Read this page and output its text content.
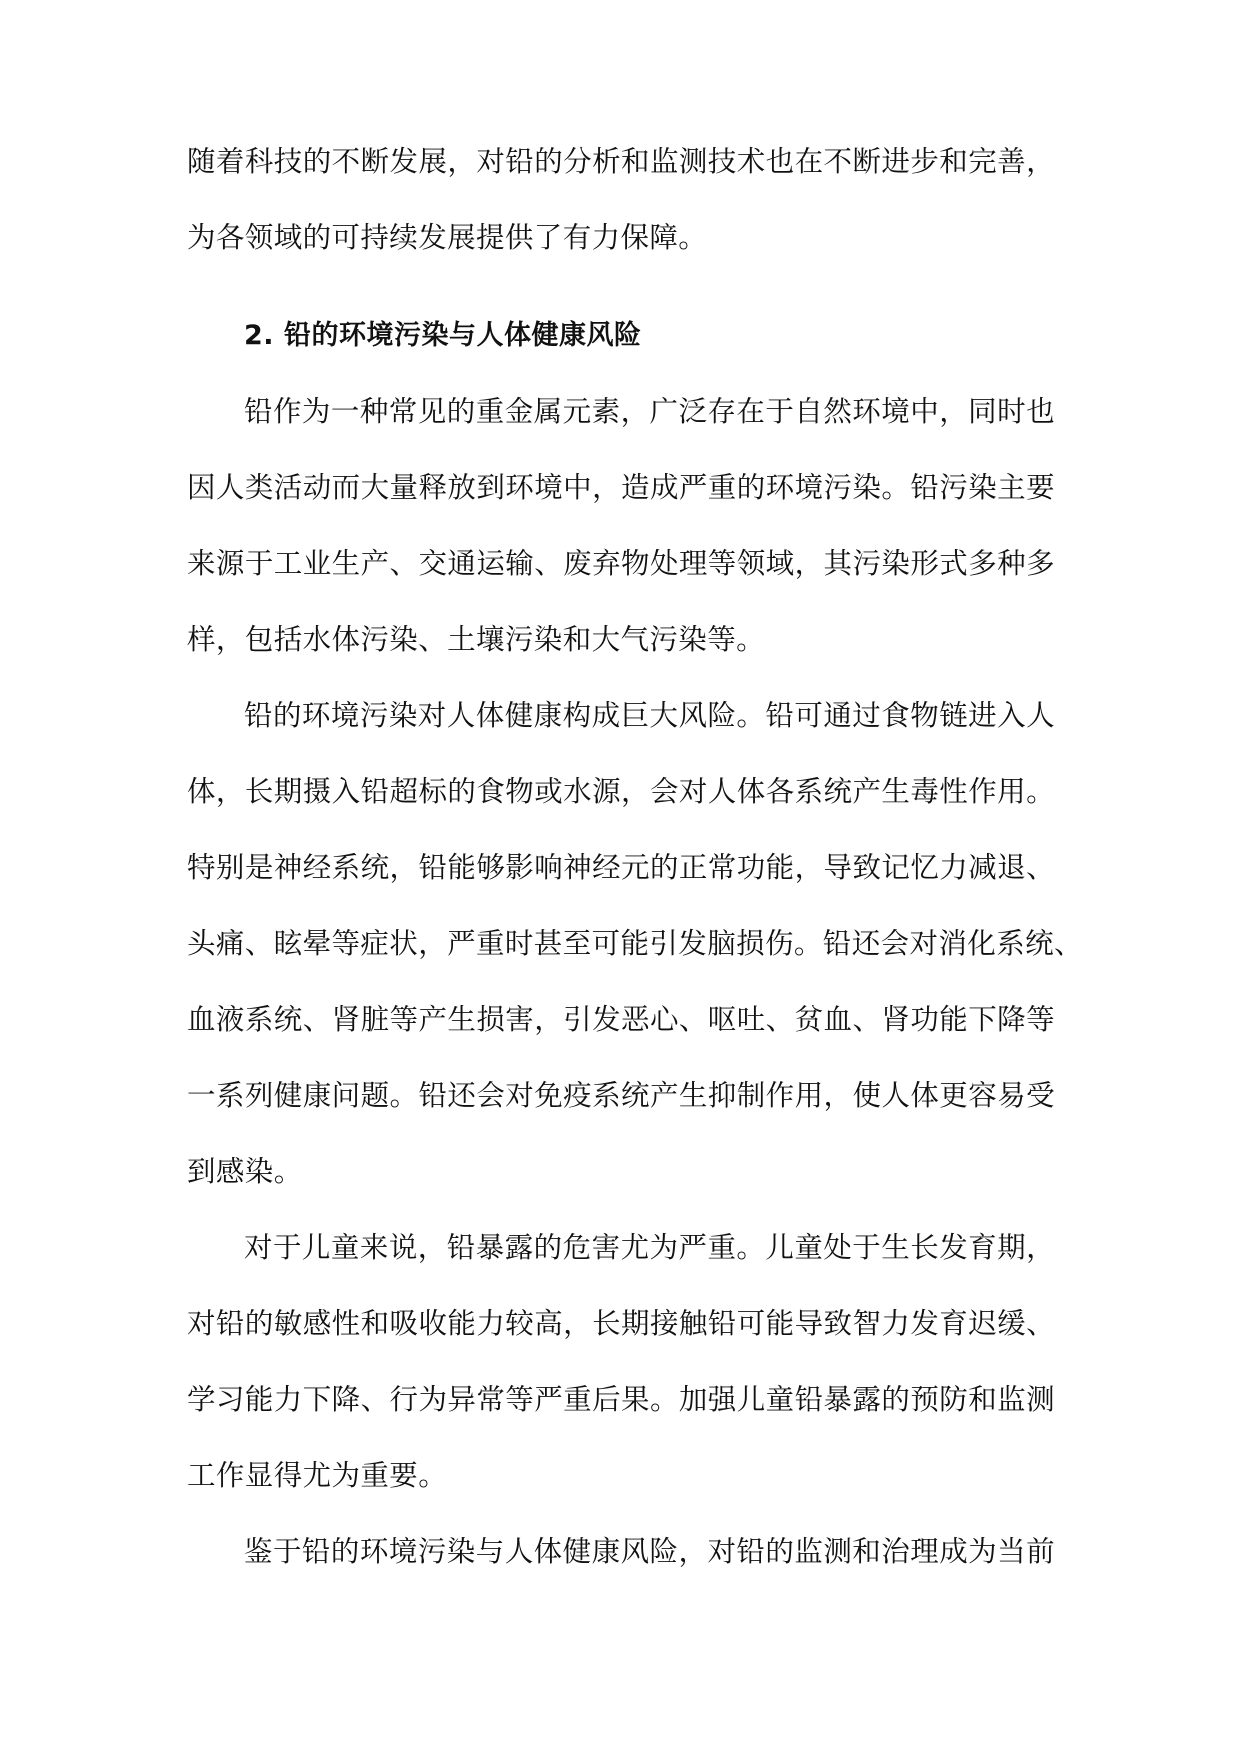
随着科技的不断发展，对铅的分析和监测技术也在不断进步和完善，
为各领域的可持续发展提供了有力保障。
2. 铅的环境污染与人体健康风险
铅作为一种常见的重金属元素，广泛存在于自然环境中，同时也
因人类活动而大量释放到环境中，造成严重的环境污染。铅污染主要
来源于工业生产、交通运输、废弃物处理等领域，其污染形式多种多
样，包括水体污染、土壤污染和大气污染等。
铅的环境污染对人体健康构成巨大风险。铅可通过食物链进入人
体，长期摄入铅超标的食物或水源，会对人体各系统产生毒性作用。
特别是神经系统，铅能够影响神经元的正常功能，导致记忆力减退、
头痛、眩晕等症状，严重时甚至可能引发脑损伤。铅还会对消化系统、
血液系统、肾脏等产生损害，引发恶心、呕吐、贫血、肾功能下降等
一系列健康问题。铅还会对免疫系统产生抑制作用，使人体更容易受
到感染。
对于儿童来说，铅暴露的危害尤为严重。儿童处于生长发育期，
对铅的敏感性和吸收能力较高，长期接触铅可能导致智力发育迟缓、
学习能力下降、行为异常等严重后果。加强儿童铅暴露的预防和监测
工作显得尤为重要。
鉴于铅的环境污染与人体健康风险，对铅的监测和治理成为当前
